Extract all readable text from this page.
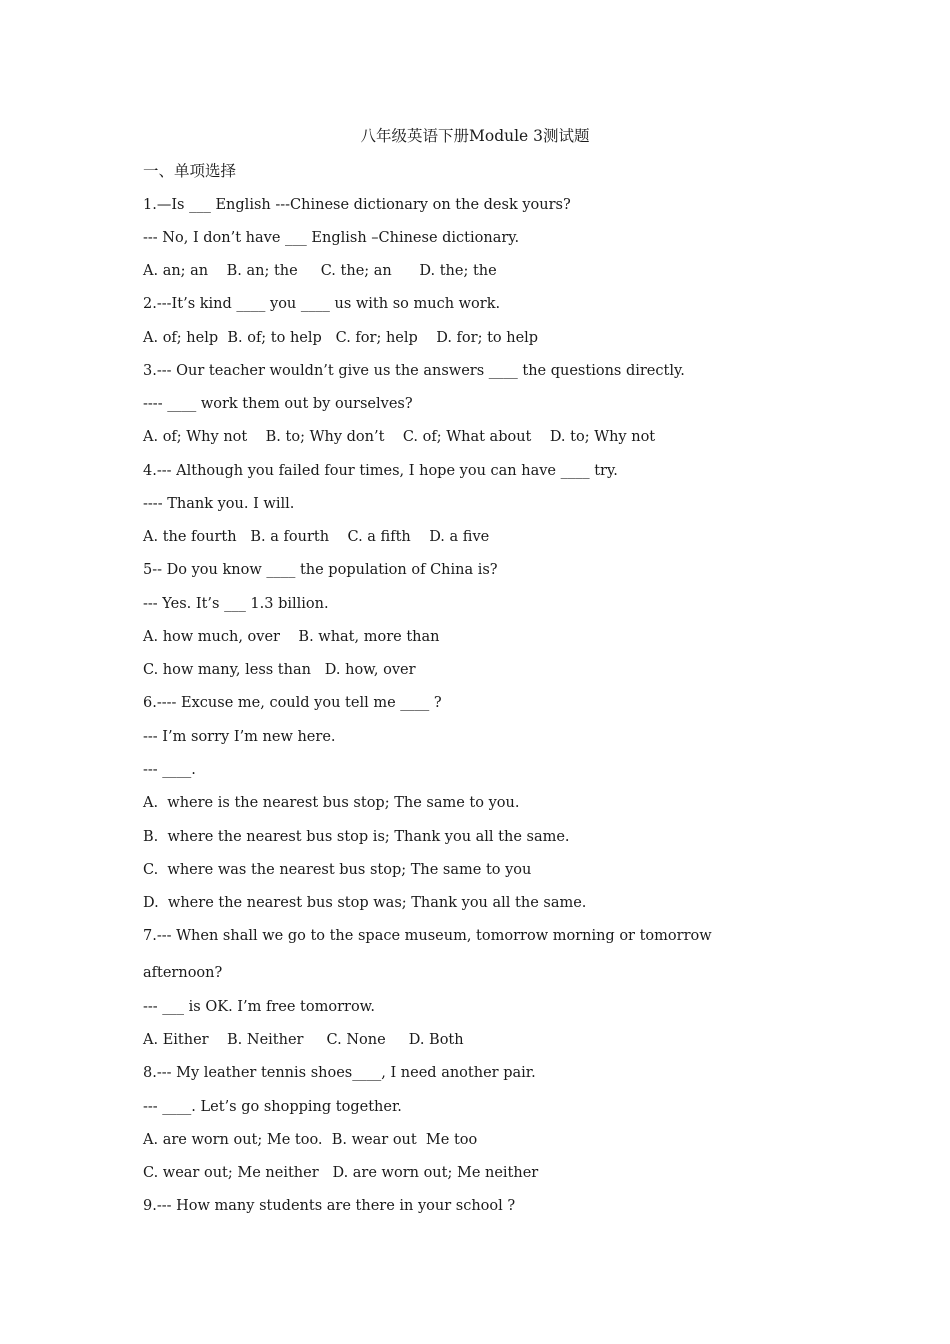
八年级英语下册Module 3测试题
一、单项选择
1.—Is ___ English ---Chinese dictionary on the desk yours?
--- No, I don’t have ___ English –Chinese dictionary.
A. an; an    B. an; the     C. the; an      D. the; the
2.---It’s kind ____ you ____ us with so much work.
A. of; help  B. of; to help   C. for; help    D. for; to help
3.--- Our teacher wouldn’t give us the answers ____ the questions directly.
---- ____ work them out by ourselves?
A. of; Why not    B. to; Why don’t    C. of; What about    D. to; Why not
4.--- Although you failed four times, I hope you can have ____ try.
---- Thank you. I will.
A. the fourth   B. a fourth    C. a fifth    D. a five
5-- Do you know ____ the population of China is?
--- Yes. It’s ___ 1.3 billion.
A. how much, over    B. what, more than
C. how many, less than   D. how, over
6.---- Excuse me, could you tell me ____ ?
--- I’m sorry I’m new here.
--- ____.
A.  where is the nearest bus stop; The same to you.
B.  where the nearest bus stop is; Thank you all the same.
C.  where was the nearest bus stop; The same to you
D.  where the nearest bus stop was; Thank you all the same.
7.--- When shall we go to the space museum, tomorrow morning or tomorrow
afternoon?
--- ___ is OK. I’m free tomorrow.
A. Either    B. Neither     C. None     D. Both
8.--- My leather tennis shoes____, I need another pair.
--- ____. Let’s go shopping together.
A. are worn out; Me too.  B. wear out  Me too
C. wear out; Me neither   D. are worn out; Me neither
9.--- How many students are there in your school ?
